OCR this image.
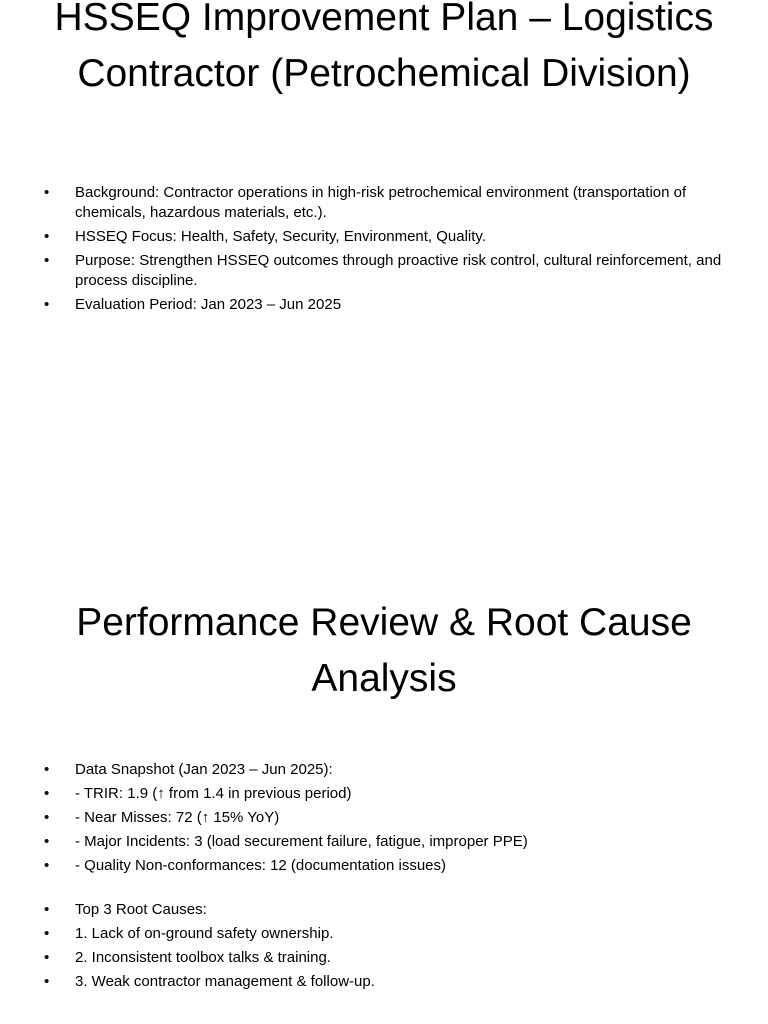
HSSEQ Improvement Plan – Logistics Contractor (Petrochemical Division)
•	Background: Contractor operations in high-risk petrochemical environment (transportation of chemicals, hazardous materials, etc.).
•	HSSEQ Focus: Health, Safety, Security, Environment, Quality.
•	Purpose: Strengthen HSSEQ outcomes through proactive risk control, cultural reinforcement, and process discipline.
•	Evaluation Period: Jan 2023 – Jun 2025
Performance Review & Root Cause Analysis
•	Data Snapshot (Jan 2023 – Jun 2025):
•	- TRIR: 1.9 (↑ from 1.4 in previous period)
•	- Near Misses: 72 (↑ 15% YoY)
•	- Major Incidents: 3 (load securement failure, fatigue, improper PPE)
•	- Quality Non-conformances: 12 (documentation issues)
•	Top 3 Root Causes:
•	1. Lack of on-ground safety ownership.
•	2. Inconsistent toolbox talks & training.
•	3. Weak contractor management & follow-up.
